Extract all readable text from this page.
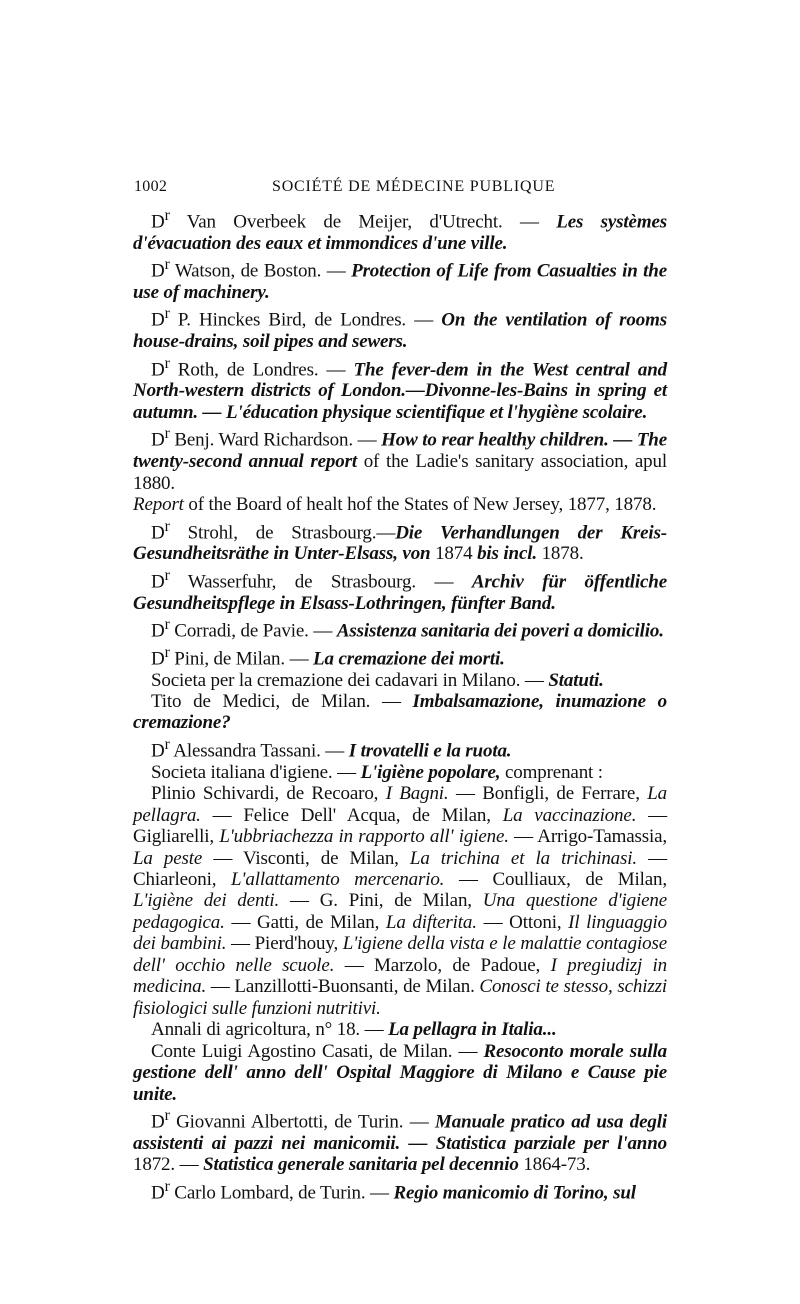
1002	SOCIÉTÉ DE MÉDECINE PUBLIQUE

$D^r$ Van Overbeek de Meijer, d'Utrecht. — Les systèmes d'évacuation des eaux et immondices d'une ville.

$D^r$ Watson, de Boston. — Protection of Life from Casualties in the use of machinery.

$D^r$ P. Hinckes Bird, de Londres. — On the ventilation of rooms house-drains, soil pipes and sewers.

$D^r$ Roth, de Londres. — The fever-dem in the West central and North-western districts of London.—Divonne-les-Bains in spring et autumn. — L'éducation physique scientifique et l'hygiène scolaire.

$D^r$ Benj. Ward Richardson. — How to rear healthy children. — The twenty-second annual report of the Ladie's sanitary association, apul 1880.

Report of the Board of healt hof the States of New Jersey, 1877, 1878.

$D^r$ Strohl, de Strasbourg.—Die Verhandlungen der Kreis-Gesundheitsräthe in Unter-Elsass, von 1874 bis incl. 1878.

$D^r$ Wasserfuhr, de Strasbourg. — Archiv für öffentliche Gesundheitspflege in Elsass-Lothringen, fünfter Band.

$D^r$ Corradi, de Pavie. — Assistenza sanitaria dei poveri a domicilio.

$D^r$ Pini, de Milan. — La cremazione dei morti.

Societa per la cremazione dei cadavari in Milano. — Statuti.

Tito de Medici, de Milan. — Imbalsamazione, inumazione o cremazione?

$D^r$ Alessandra Tassani. — I trovatelli e la ruota.

Societa italiana d'igiene. — L'igiène popolare, comprenant :

Plinio Schivardi, de Recoaro, I Bagni. — Bonfigli, de Ferrare, La pellagra. — Felice Dell' Acqua, de Milan, La vaccinazione. — Gigliarelli, L'ubbriachezza in rapporto all' igiene. — Arrigo-Tamassia, La peste — Visconti, de Milan, La trichina et la trichinasi. — Chiarleoni, L'allattamento mercenario. — Coulliaux, de Milan, L'igiène dei denti. — G. Pini, de Milan, Una questione d'igiene pedagogica. — Gatti, de Milan, La difterita. — Ottoni, Il linguaggio dei bambini. — Pierd'houy, L'igiene della vista e le malattie contagiose dell' occhio nelle scuole. — Marzolo, de Padoue, I pregiudizj in medicina. — Lanzillotti-Buonsanti, de Milan. Conosci te stesso, schizzi fisiologici sulle funzioni nutritivi.

Annali di agricoltura, n° 18. — La pellagra in Italia...

Conte Luigi Agostino Casati, de Milan. — Resoconto morale sulla gestione dell' anno dell' Ospital Maggiore di Milano e Cause pie unite.

$D^r$ Giovanni Albertotti, de Turin. — Manuale pratico ad usa degli assistenti ai pazzi nei manicomii. — Statistica parziale per l'anno 1872. — Statistica generale sanitaria pel decennio 1864-73.

$D^r$ Carlo Lombard, de Turin. — Regio manicomio di Torino, sul
